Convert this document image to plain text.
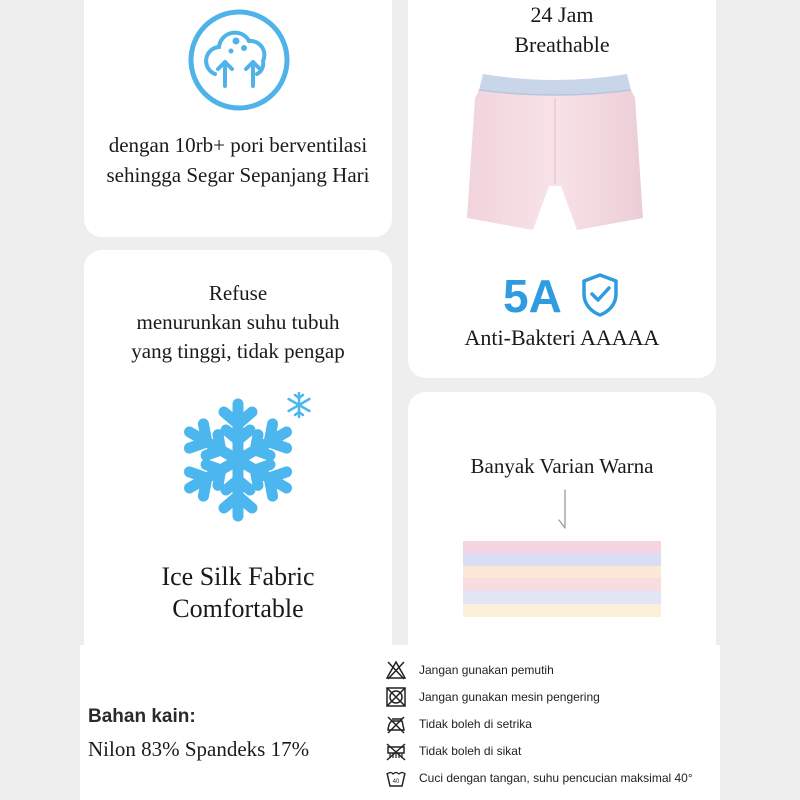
dengan 10rb+ pori berventilasi
sehingga Segar Sepanjang Hari
24 Jam
Breathable
5A
Anti-Bakteri AAAAA
Refuse
menurunkan suhu tubuh
yang tinggi, tidak pengap
Ice Silk Fabric
Comfortable
Banyak Varian Warna
Bahan kain:
Nilon 83% Spandeks 17%
Jangan gunakan pemutih
Jangan gunakan mesin pengering
Tidak boleh di setrika
Tidak boleh di sikat
40 Cuci dengan tangan, suhu pencucian maksimal 40°
